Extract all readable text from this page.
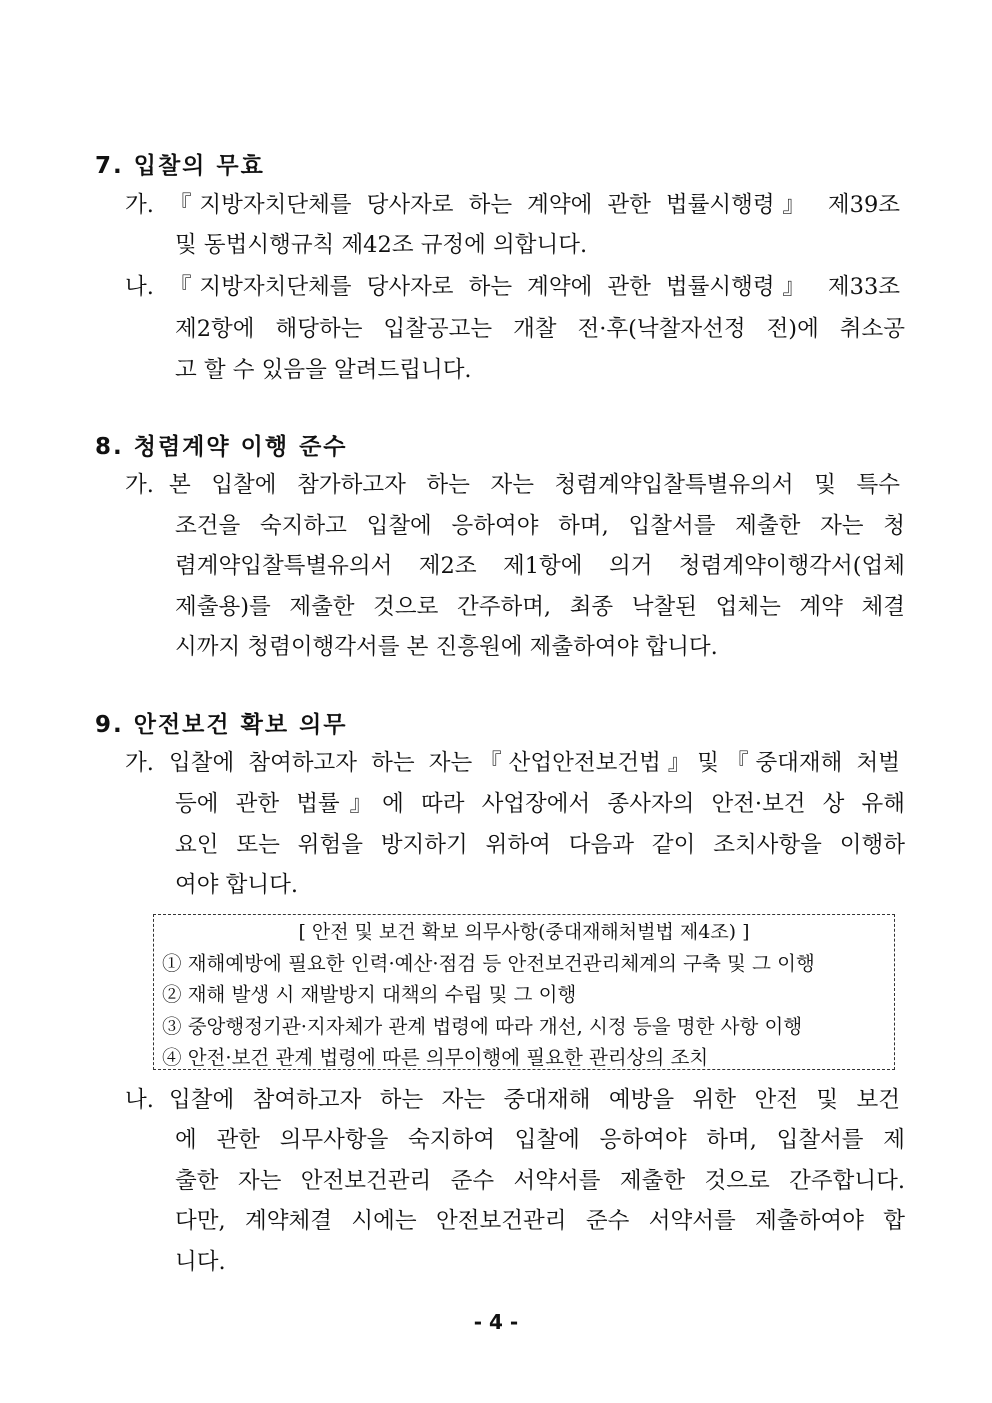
7. 입찰의 무효
가. 『지방자치단체를 당사자로 하는 계약에 관한 법률시행령』 제39조
및 동법시행규칙 제42조 규정에 의합니다.
나. 『지방자치단체를 당사자로 하는 계약에 관한 법률시행령』 제33조
제2항에 해당하는 입찰공고는 개찰 전·후(낙찰자선정 전)에 취소공
고 할 수 있음을 알려드립니다.
8. 청렴계약 이행 준수
가. 본 입찰에 참가하고자 하는 자는 청렴계약입찰특별유의서 및 특수
조건을 숙지하고 입찰에 응하여야 하며, 입찰서를 제출한 자는 청
렴계약입찰특별유의서 제2조 제1항에 의거 청렴계약이행각서(업체
제출용)를 제출한 것으로 간주하며, 최종 낙찰된 업체는 계약 체결
시까지 청렴이행각서를 본 진흥원에 제출하여야 합니다.
9. 안전보건 확보 의무
가. 입찰에 참여하고자 하는 자는『산업안전보건법』및『중대재해 처벌
등에 관한 법률』에 따라 사업장에서 종사자의 안전·보건 상 유해
요인 또는 위험을 방지하기 위하여 다음과 같이 조치사항을 이행하
여야 합니다.
[ 안전 및 보건 확보 의무사항(중대재해처벌법 제4조) ]
① 재해예방에 필요한 인력·예산·점검 등 안전보건관리체계의 구축 및 그 이행
② 재해 발생 시 재발방지 대책의 수립 및 그 이행
③ 중앙행정기관·지자체가 관계 법령에 따라 개선, 시정 등을 명한 사항 이행
④ 안전·보건 관계 법령에 따른 의무이행에 필요한 관리상의 조치
나. 입찰에 참여하고자 하는 자는 중대재해 예방을 위한 안전 및 보건
에 관한 의무사항을 숙지하여 입찰에 응하여야 하며, 입찰서를 제
출한 자는 안전보건관리 준수 서약서를 제출한 것으로 간주합니다.
다만, 계약체결 시에는 안전보건관리 준수 서약서를 제출하여야 합
니다.
- 4 -
